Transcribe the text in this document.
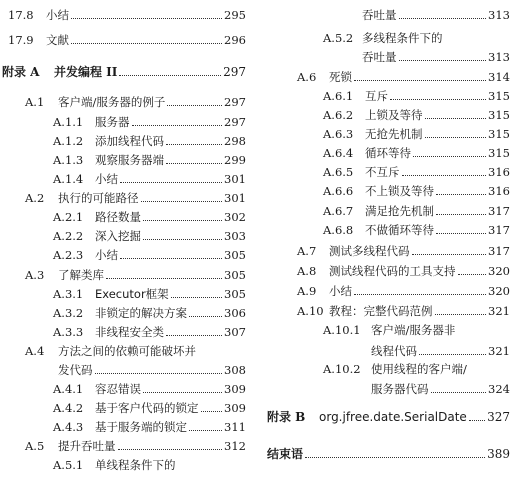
17.8	小结	295
17.9	文献	296
附录 A	并发编程 II	297
A.1	客户端/服务器的例子	297
A.1.1	服务器	297
A.1.2	添加线程代码	298
A.1.3	观察服务器端	299
A.1.4	小结	301
A.2	执行的可能路径	301
A.2.1	路径数量	302
A.2.2	深入挖掘	303
A.2.3	小结	305
A.3	了解类库	305
A.3.1	Executor框架	305
A.3.2	非锁定的解决方案	306
A.3.3	非线程安全类	307
A.4	方法之间的依赖可能破坏并
发代码	308
A.4.1	容忍错误	309
A.4.2	基于客户代码的锁定 309
A.4.3	基于服务端的锁定	311
A.5	提升吞吐量	312
A.5.1	单线程条件下的
吞吐量	313
A.5.2 多线程条件下的
吞吐量	313
A.6	死锁	314
A.6.1	互斥	315
A.6.2	上锁及等待	315
A.6.3	无抢先机制	315
A.6.4	循环等待	315
A.6.5	不互斥	316
A.6.6	不上锁及等待	316
A.6.7	满足抢先机制	317
A.6.8	不做循环等待	317
A.7	测试多线程代码	317
A.8	测试线程代码的工具支持	320
A.9	小结	320
A.10 教程：完整代码范例	321
A.10.1 客户端/服务器非
线程代码	321
A.10.2 使用线程的客户端/
服务器代码	324
附录 B	org.jfree.date.SerialDate 327
结束语	389
